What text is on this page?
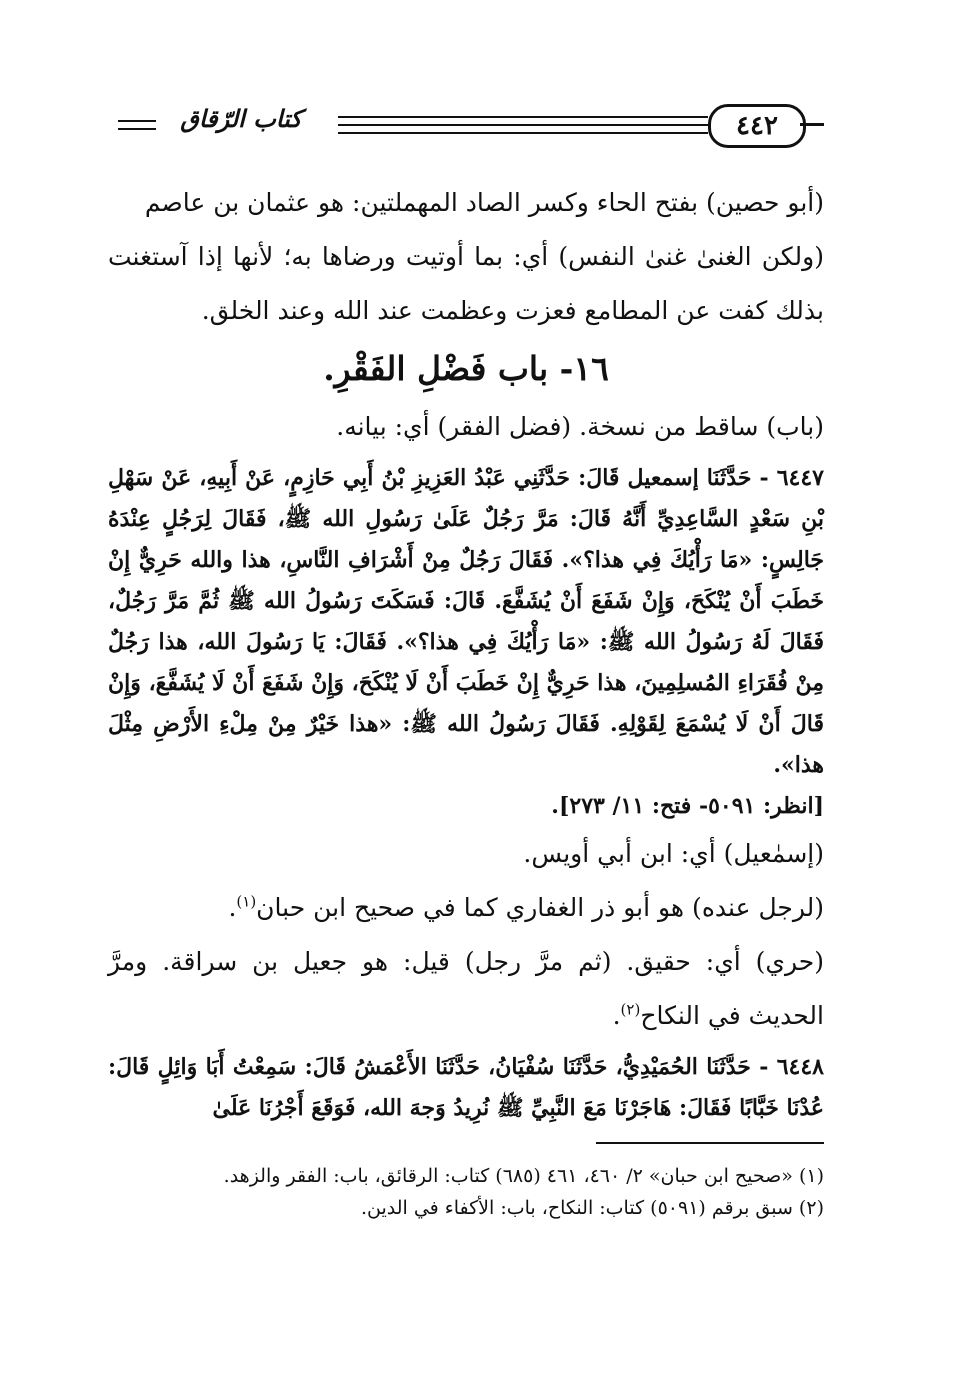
كتاب الرّقاق	٤٤٢

(أبو حصين) بفتح الحاء وكسر الصاد المهملتين: هو عثمان بن عاصم

(ولكن الغنىٰ غنىٰ النفس) أي: بما أوتيت ورضاها به؛ لأنها إذا آستغنت بذلك كفت عن المطامع فعزت وعظمت عند الله وعند الخلق.

١٦- باب فَضْلِ الفَقْرِ.

(باب) ساقط من نسخة. (فضل الفقر) أي: بيانه.

٦٤٤٧ - حَدَّثَنَا إسمعيل قَالَ: حَدَّثَنِي عَبْدُ العَزِيزِ بْنُ أَبِي حَازِمٍ، عَنْ أَبِيهِ، عَنْ سَهْلِ بْنِ سَعْدٍ السَّاعِدِيِّ أَنَّهُ قَالَ: مَرَّ رَجُلٌ عَلَىٰ رَسُولِ الله ﷺ، فَقَالَ لِرَجُلٍ عِنْدَهُ جَالِسٍ: «مَا رَأْيُكَ فِي هذا؟». فَقَالَ رَجُلٌ مِنْ أَشْرَافِ النَّاسِ، هذا والله حَرِيٌّ إِنْ خَطَبَ أَنْ يُنْكَحَ، وَإِنْ شَفَعَ أَنْ يُشَفَّعَ. قَالَ: فَسَكَتَ رَسُولُ الله ﷺ ثُمَّ مَرَّ رَجُلٌ، فَقَالَ لَهُ رَسُولُ الله ﷺ: «مَا رَأْيُكَ فِي هذا؟». فَقَالَ: يَا رَسُولَ الله، هذا رَجُلٌ مِنْ فُقَرَاءِ المُسلِمِينَ، هذا حَرِيٌّ إِنْ خَطَبَ أَنْ لَا يُنْكَحَ، وَإِنْ شَفَعَ أَنْ لَا يُشَفَّعَ، وَإِنْ قَالَ أَنْ لَا يُسْمَعَ لِقَوْلِهِ. فَقَالَ رَسُولُ الله ﷺ: «هذا خَيْرٌ مِنْ مِلْءِ الأَرْضِ مِثْلَ هذا».
[انظر: ٥٠٩١- فتح: ١١/ ٢٧٣].

(إسمٰعيل) أي: ابن أبي أويس.

(لرجل عنده) هو أبو ذر الغفاري كما في صحيح ابن حبان$^{(١)}$.

(حري) أي: حقيق. (ثم مرَّ رجل) قيل: هو جعيل بن سراقة. ومرَّ الحديث في النكاح$^{(٢)}$.

٦٤٤٨ - حَدَّثَنَا الحُمَيْدِيُّ، حَدَّثَنَا سُفْيَانُ، حَدَّثَنَا الأَعْمَشُ قَالَ: سَمِعْتُ أَبَا وَائِلٍ قَالَ: عُدْنَا خَبَّابًا فَقَالَ: هَاجَرْنَا مَعَ النَّبِيِّ ﷺ نُرِيدُ وَجهَ الله، فَوَقَعَ أَجْرُنَا عَلَىٰ

(١) «صحيح ابن حبان» ٢/ ٤٦٠، ٤٦١ (٦٨٥) كتاب: الرقائق، باب: الفقر والزهد.

(٢) سبق برقم (٥٠٩١) كتاب: النكاح، باب: الأكفاء في الدين.
